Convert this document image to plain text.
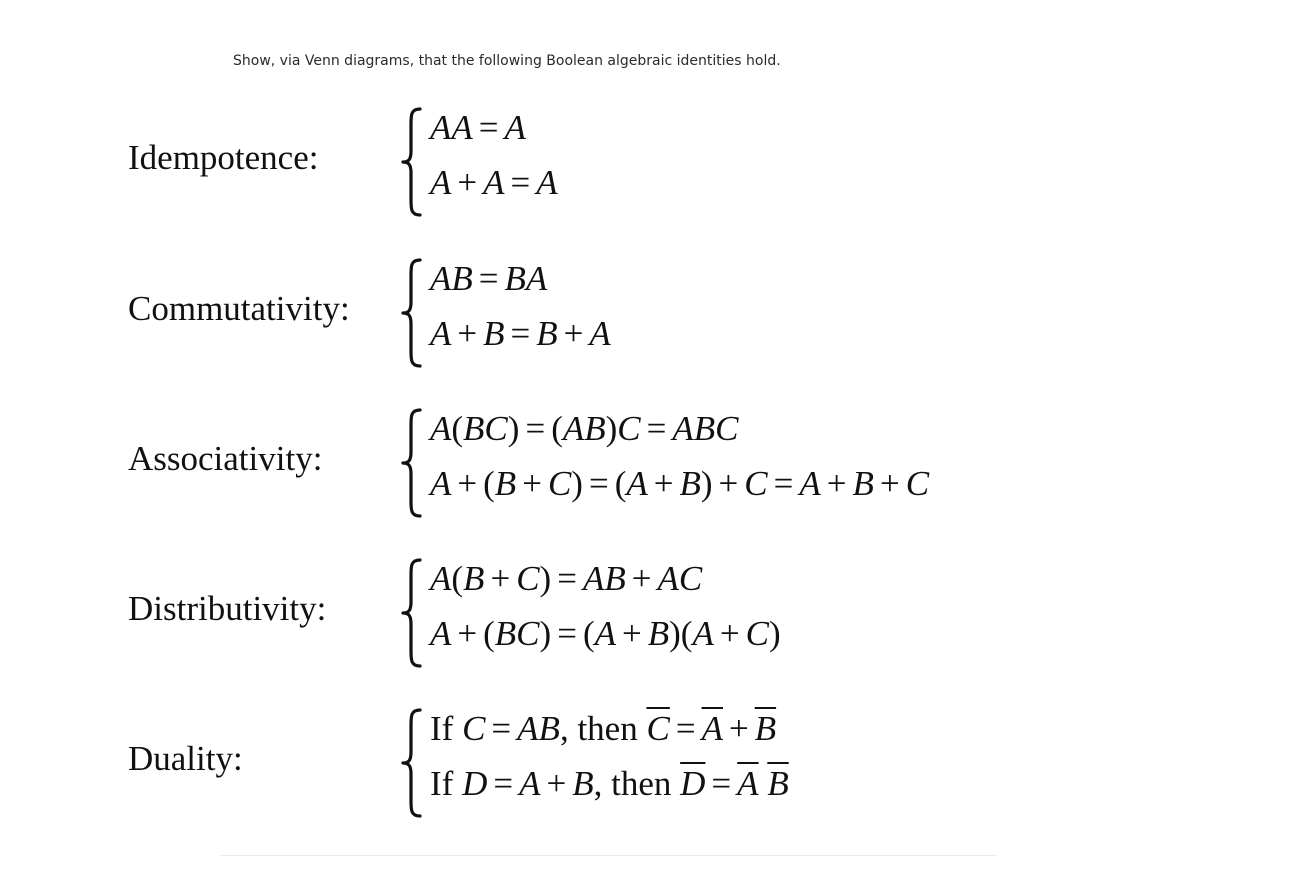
Show, via Venn diagrams, that the following Boolean algebraic identities hold.
Idempotence:
AA = A
A + A = A
Commutativity:
AB = BA
A + B = B + A
Associativity:
A(BC) = (AB)C = ABC
A + (B + C) = (A + B) + C = A + B + C
Distributivity:
A(B + C) = AB + AC
A + (BC) = (A + B)(A + C)
Duality:
If C = AB, then $\overline{C} = \overline{A} + \overline{B}$
If D = A + B, then $\overline{D} = \overline{A}$ $\overline{B}$
